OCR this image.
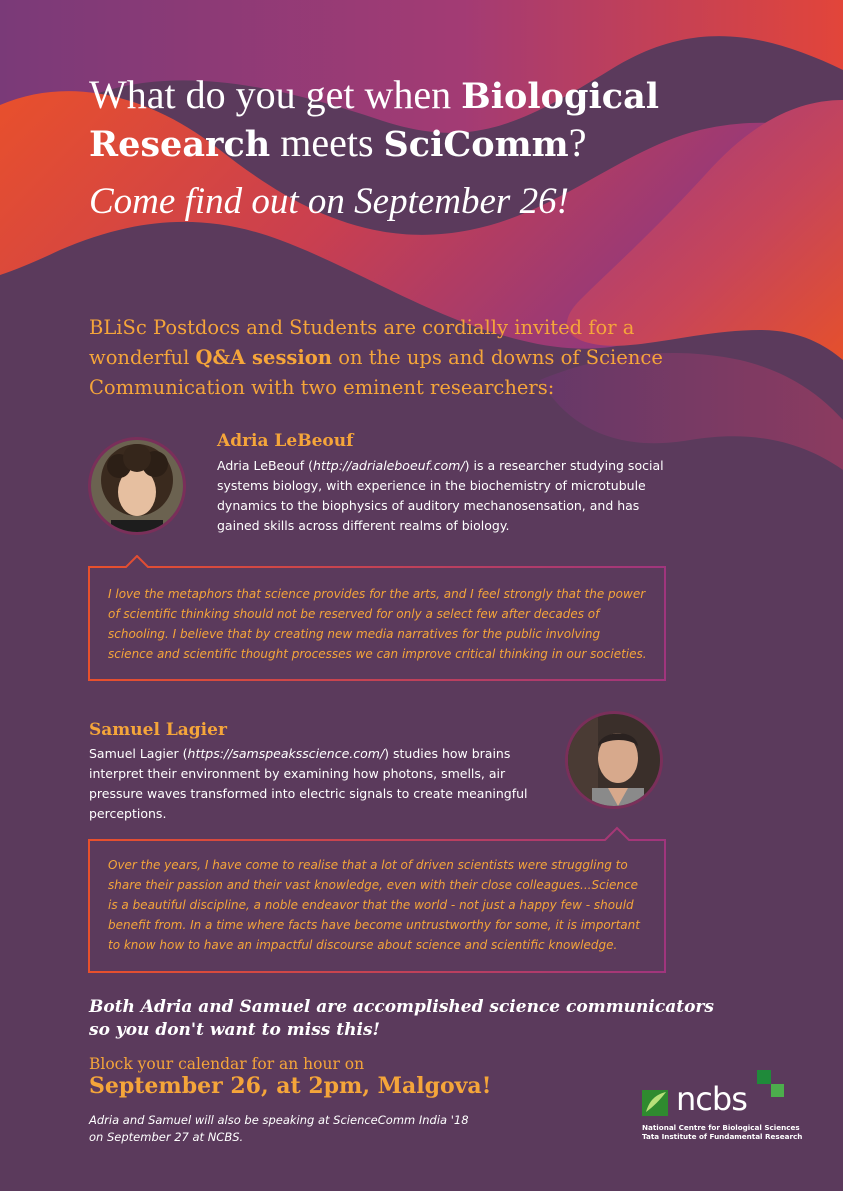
What do you get when Biological
Research meets SciComm?
Come find out on September 26!
BLiSc Postdocs and Students are cordially invited for a
wonderful Q&A session on the ups and downs of Science
Communication with two eminent researchers:
Adria LeBeouf
Adria LeBeouf (http://adrialeboeuf.com/) is a researcher studying social systems biology, with experience in the biochemistry of microtubule dynamics to the biophysics of auditory mechanosensation, and has gained skills across different realms of biology.
I love the metaphors that science provides for the arts, and I feel strongly that the power of scientific thinking should not be reserved for only a select few after decades of schooling. I believe that by creating new media narratives for the public involving science and scientific thought processes we can improve critical thinking in our societies.
Samuel Lagier
Samuel Lagier (https://samspeaksscience.com/) studies how brains interpret their environment by examining how photons, smells, air pressure waves transformed into electric signals to create meaningful perceptions.
Over the years, I have come to realise that a lot of driven scientists were struggling to share their passion and their vast knowledge, even with their close colleagues...Science is a beautiful discipline, a noble endeavor that the world - not just a happy few - should benefit from. In a time where facts have become untrustworthy for some, it is important to know how to have an impactful discourse about science and scientific knowledge.
Both Adria and Samuel are accomplished science communicators
so you don't want to miss this!
Block your calendar for an hour on
September 26, at 2pm, Malgova!
Adria and Samuel will also be speaking at ScienceComm India '18
on September 27 at NCBS.
ncbs
National Centre for Biological Sciences
Tata Institute of Fundamental Research
